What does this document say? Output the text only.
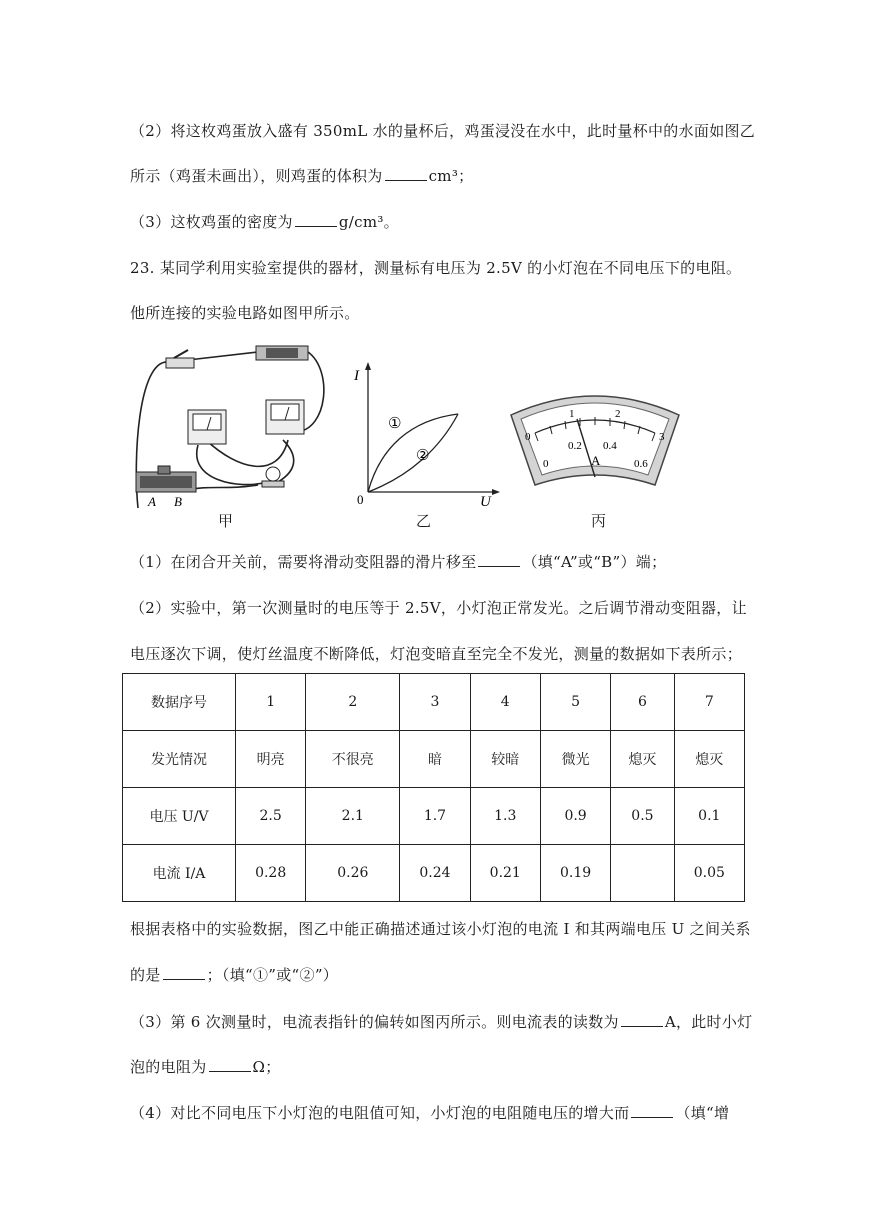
（2）将这枚鸡蛋放入盛有 350mL 水的量杯后，鸡蛋浸没在水中，此时量杯中的水面如图乙
所示（鸡蛋未画出），则鸡蛋的体积为	cm³；
（3）这枚鸡蛋的密度为	g/cm³。
23. 某同学利用实验室提供的器材，测量标有电压为 2.5V 的小灯泡在不同电压下的电阻。
他所连接的实验电路如图甲所示。
A B
甲
I
U
0
①
②
乙
0
1	2
3
0
0.2 0.4
0.6
A
丙
（1）在闭合开关前，需要将滑动变阻器的滑片移至	（填“A”或“B”）端；
（2）实验中，第一次测量时的电压等于 2.5V，小灯泡正常发光。之后调节滑动变阻器，让
电压逐次下调，使灯丝温度不断降低，灯泡变暗直至完全不发光，测量的数据如下表所示；
数据序号	1	2	3	4	5	6	7
发光情况	明亮	不很亮	暗	较暗	微光	熄灭	熄灭
电压 U/V	2.5	2.1	1.7	1.3	0.9	0.5	0.1
电流 I/A	0.28	0.26	0.24	0.21	0.19		0.05
根据表格中的实验数据，图乙中能正确描述通过该小灯泡的电流 I 和其两端电压 U 之间关系
的是	；（填“①”或“②”）
（3）第 6 次测量时，电流表指针的偏转如图丙所示。则电流表的读数为	A，此时小灯
泡的电阻为	Ω；
（4）对比不同电压下小灯泡的电阻值可知，小灯泡的电阻随电压的增大而	（填“增
